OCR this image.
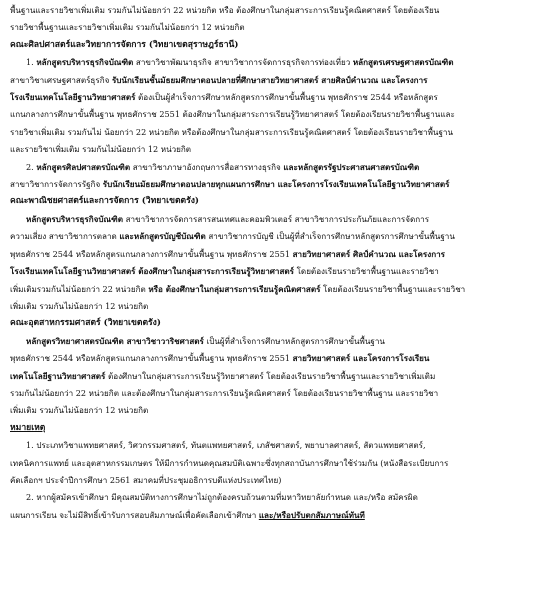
พื้นฐานและรายวิชาเพิ่มเติม รวมกันไม่น้อยกว่า 22 หน่วยกิต หรือ ต้องศึกษาในกลุ่มสาระการเรียนรู้คณิตศาสตร์ โดยต้องเรียน

รายวิชาพื้นฐานและรายวิชาเพิ่มเติม รวมกันไม่น้อยกว่า 12 หน่วยกิต

คณะศิลปศาสตร์และวิทยาการจัดการ (วิทยาเขตสุราษฎร์ธานี)

1. หลักสูตรบริหารธุรกิจบัณฑิต สาขาวิชาพัฒนาธุรกิจ สาขาวิชาการจัดการธุรกิจการท่องเที่ยว หลักสูตรเศรษฐศาสตรบัณฑิต

สาขาวิชาเศรษฐศาสตร์ธุรกิจ รับนักเรียนชั้นมัธยมศึกษาตอนปลายที่ศึกษาสายวิทยาศาสตร์ สายศิลป์คำนวณ และโครงการ

โรงเรียนเทคโนโลยีฐานวิทยาศาสตร์ ต้องเป็นผู้สำเร็จการศึกษาหลักสูตรการศึกษาขั้นพื้นฐาน พุทธศักราช 2544 หรือหลักสูตร

แกนกลางการศึกษาขั้นพื้นฐาน พุทธศักราช 2551 ต้องศึกษาในกลุ่มสาระการเรียนรู้วิทยาศาสตร์ โดยต้องเรียนรายวิชาพื้นฐานและ

รายวิชาเพิ่มเติม รวมกันไม่ น้อยกว่า 22 หน่วยกิต หรือต้องศึกษาในกลุ่มสาระการเรียนรู้คณิตศาสตร์ โดยต้องเรียนรายวิชาพื้นฐาน

และรายวิชาเพิ่มเติม รวมกันไม่น้อยกว่า 12 หน่วยกิต

2. หลักสูตรศิลปศาสตรบัณฑิต สาขาวิชาภาษาอังกฤษการสื่อสารทางธุรกิจ และหลักสูตรรัฐประศาสนศาสตรบัณฑิต

สาขาวิชาการจัดการรัฐกิจ รับนักเรียนมัธยมศึกษาตอนปลายทุกแผนการศึกษา และโครงการโรงเรียนเทคโนโลยีฐานวิทยาศาสตร์

คณะพาณิชยศาสตร์และการจัดการ (วิทยาเขตตรัง)

หลักสูตรบริหารธุรกิจบัณฑิต สาขาวิชาการจัดการสารสนเทศและคอมพิวเตอร์ สาขาวิชาการประกันภัยและการจัดการ

ความเสี่ยง สาขาวิชาการตลาด และหลักสูตรบัญชีบัณฑิต สาขาวิชาการบัญชี เป็นผู้ที่สำเร็จการศึกษาหลักสูตรการศึกษาขั้นพื้นฐาน

พุทธศักราช 2544 หรือหลักสูตรแกนกลางการศึกษาขั้นพื้นฐาน พุทธศักราช 2551 สายวิทยาศาสตร์ ศิลป์คำนวณ และโครงการ

โรงเรียนเทคโนโลยีฐานวิทยาศาสตร์ ต้องศึกษาในกลุ่มสาระการเรียนรู้วิทยาศาสตร์ โดยต้องเรียนรายวิชาพื้นฐานและรายวิชา

เพิ่มเติมรวมกันไม่น้อยกว่า 22 หน่วยกิต หรือ ต้องศึกษาในกลุ่มสาระการเรียนรู้คณิตศาสตร์ โดยต้องเรียนรายวิชาพื้นฐานและรายวิชา

เพิ่มเติม รวมกันไม่น้อยกว่า 12 หน่วยกิต

คณะอุตสาหกรรมศาสตร์ (วิทยาเขตตรัง)

หลักสูตรวิทยาศาสตรบัณฑิต สาขาวิชาวาริชศาสตร์ เป็นผู้ที่สำเร็จการศึกษาหลักสูตรการศึกษาขั้นพื้นฐาน

พุทธศักราช 2544 หรือหลักสูตรแกนกลางการศึกษาขั้นพื้นฐาน พุทธศักราช 2551 สายวิทยาศาสตร์ และโครงการโรงเรียน

เทคโนโลยีฐานวิทยาศาสตร์ ต้องศึกษาในกลุ่มสาระการเรียนรู้วิทยาศาสตร์ โดยต้องเรียนรายวิชาพื้นฐานและรายวิชาเพิ่มเติม

รวมกันไม่น้อยกว่า 22 หน่วยกิต และต้องศึกษาในกลุ่มสาระการเรียนรู้คณิตศาสตร์ โดยต้องเรียนรายวิชาพื้นฐาน และรายวิชา

เพิ่มเติม รวมกันไม่น้อยกว่า 12 หน่วยกิต

หมายเหตุ

1. ประเภทวิชาแพทยศาสตร์, วิศวกรรมศาสตร์, ทันตแพทยศาสตร์, เภสัชศาสตร์, พยาบาลศาสตร์, สัตวแพทยศาสตร์,

เทคนิคการแพทย์ และอุตสาหกรรมเกษตร ให้มีการกำหนดคุณสมบัติเฉพาะซึ่งทุกสถาบันการศึกษาใช้ร่วมกัน (หนังสือระเบียบการ

คัดเลือกฯ ประจำปีการศึกษา 2561 สมาคมที่ประชุมอธิการบดีแห่งประเทศไทย)

2. หากผู้สมัครเข้าศึกษา มีคุณสมบัติทางการศึกษาไม่ถูกต้องครบถ้วนตามที่มหาวิทยาลัยกำหนด และ/หรือ สมัครผิด

แผนการเรียน จะไม่มีสิทธิ์เข้ารับการสอบสัมภาษณ์เพื่อคัดเลือกเข้าศึกษา และ/หรือปรับตกสัมภาษณ์ทันที
